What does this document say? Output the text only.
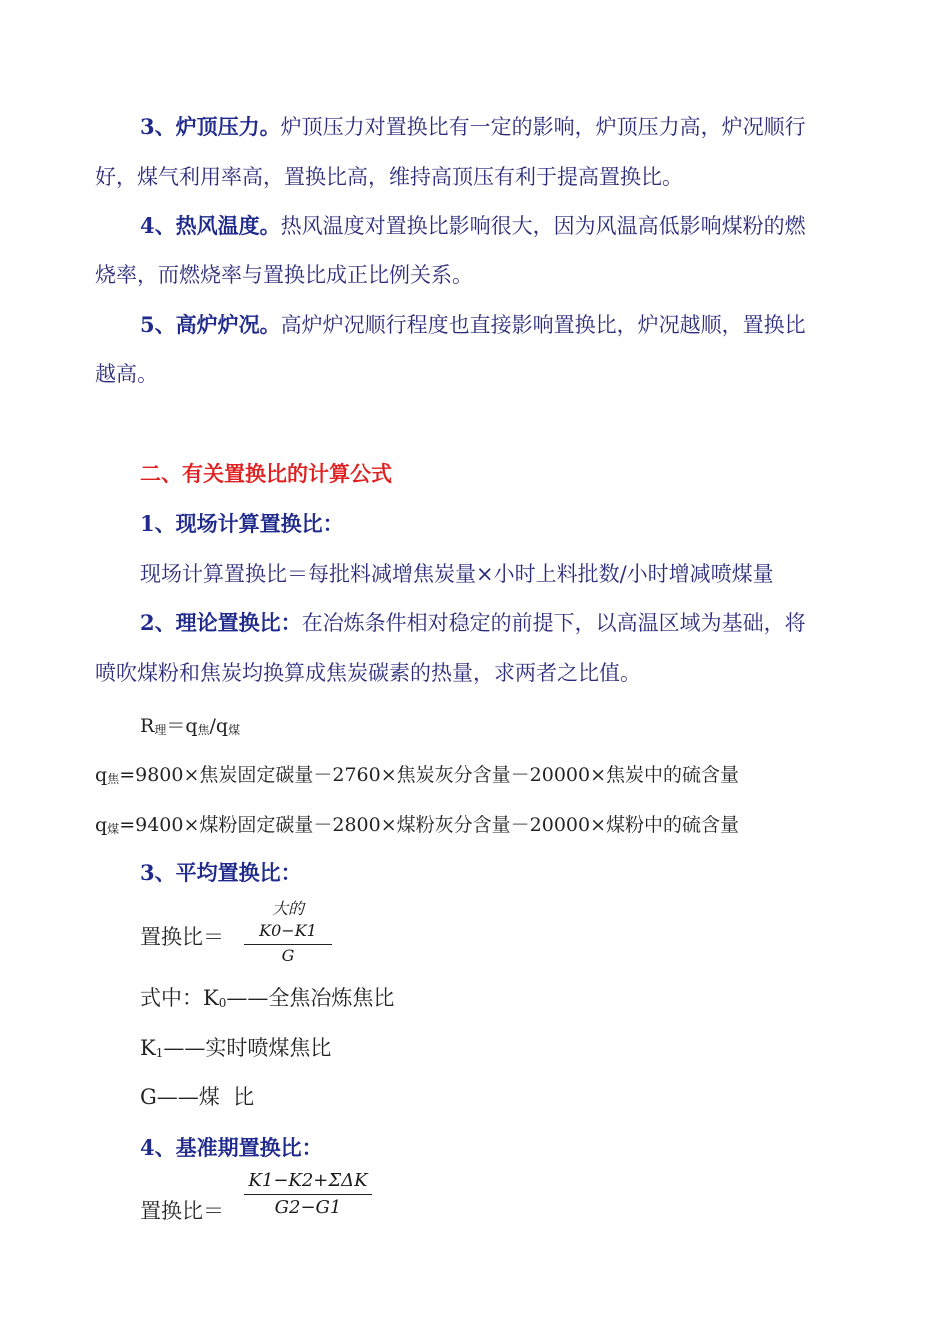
3、炉顶压力。炉顶压力对置换比有一定的影响，炉顶压力高，炉况顺行
好，煤气利用率高，置换比高，维持高顶压有利于提高置换比。
4、热风温度。热风温度对置换比影响很大，因为风温高低影响煤粉的燃
烧率，而燃烧率与置换比成正比例关系。
5、高炉炉况。高炉炉况顺行程度也直接影响置换比，炉况越顺，置换比
越高。
二、有关置换比的计算公式
1、现场计算置换比：
现场计算置换比＝每批料减增焦炭量×小时上料批数/小时增减喷煤量
2、理论置换比：在冶炼条件相对稳定的前提下，以高温区域为基础，将
喷吹煤粉和焦炭均换算成焦炭碳素的热量，求两者之比值。
R理＝q焦/q煤
q焦=9800×焦炭固定碳量－2760×焦炭灰分含量－20000×焦炭中的硫含量
q煤=9400×煤粉固定碳量－2800×煤粉灰分含量－20000×煤粉中的硫含量
3、平均置换比：
置换比＝
大的K0−K1
G
式中：K0——全焦冶炼焦比
K1——实时喷煤焦比
G——煤  比
4、基准期置换比：
置换比＝
K1−K2+ΣΔK
G2−G1
